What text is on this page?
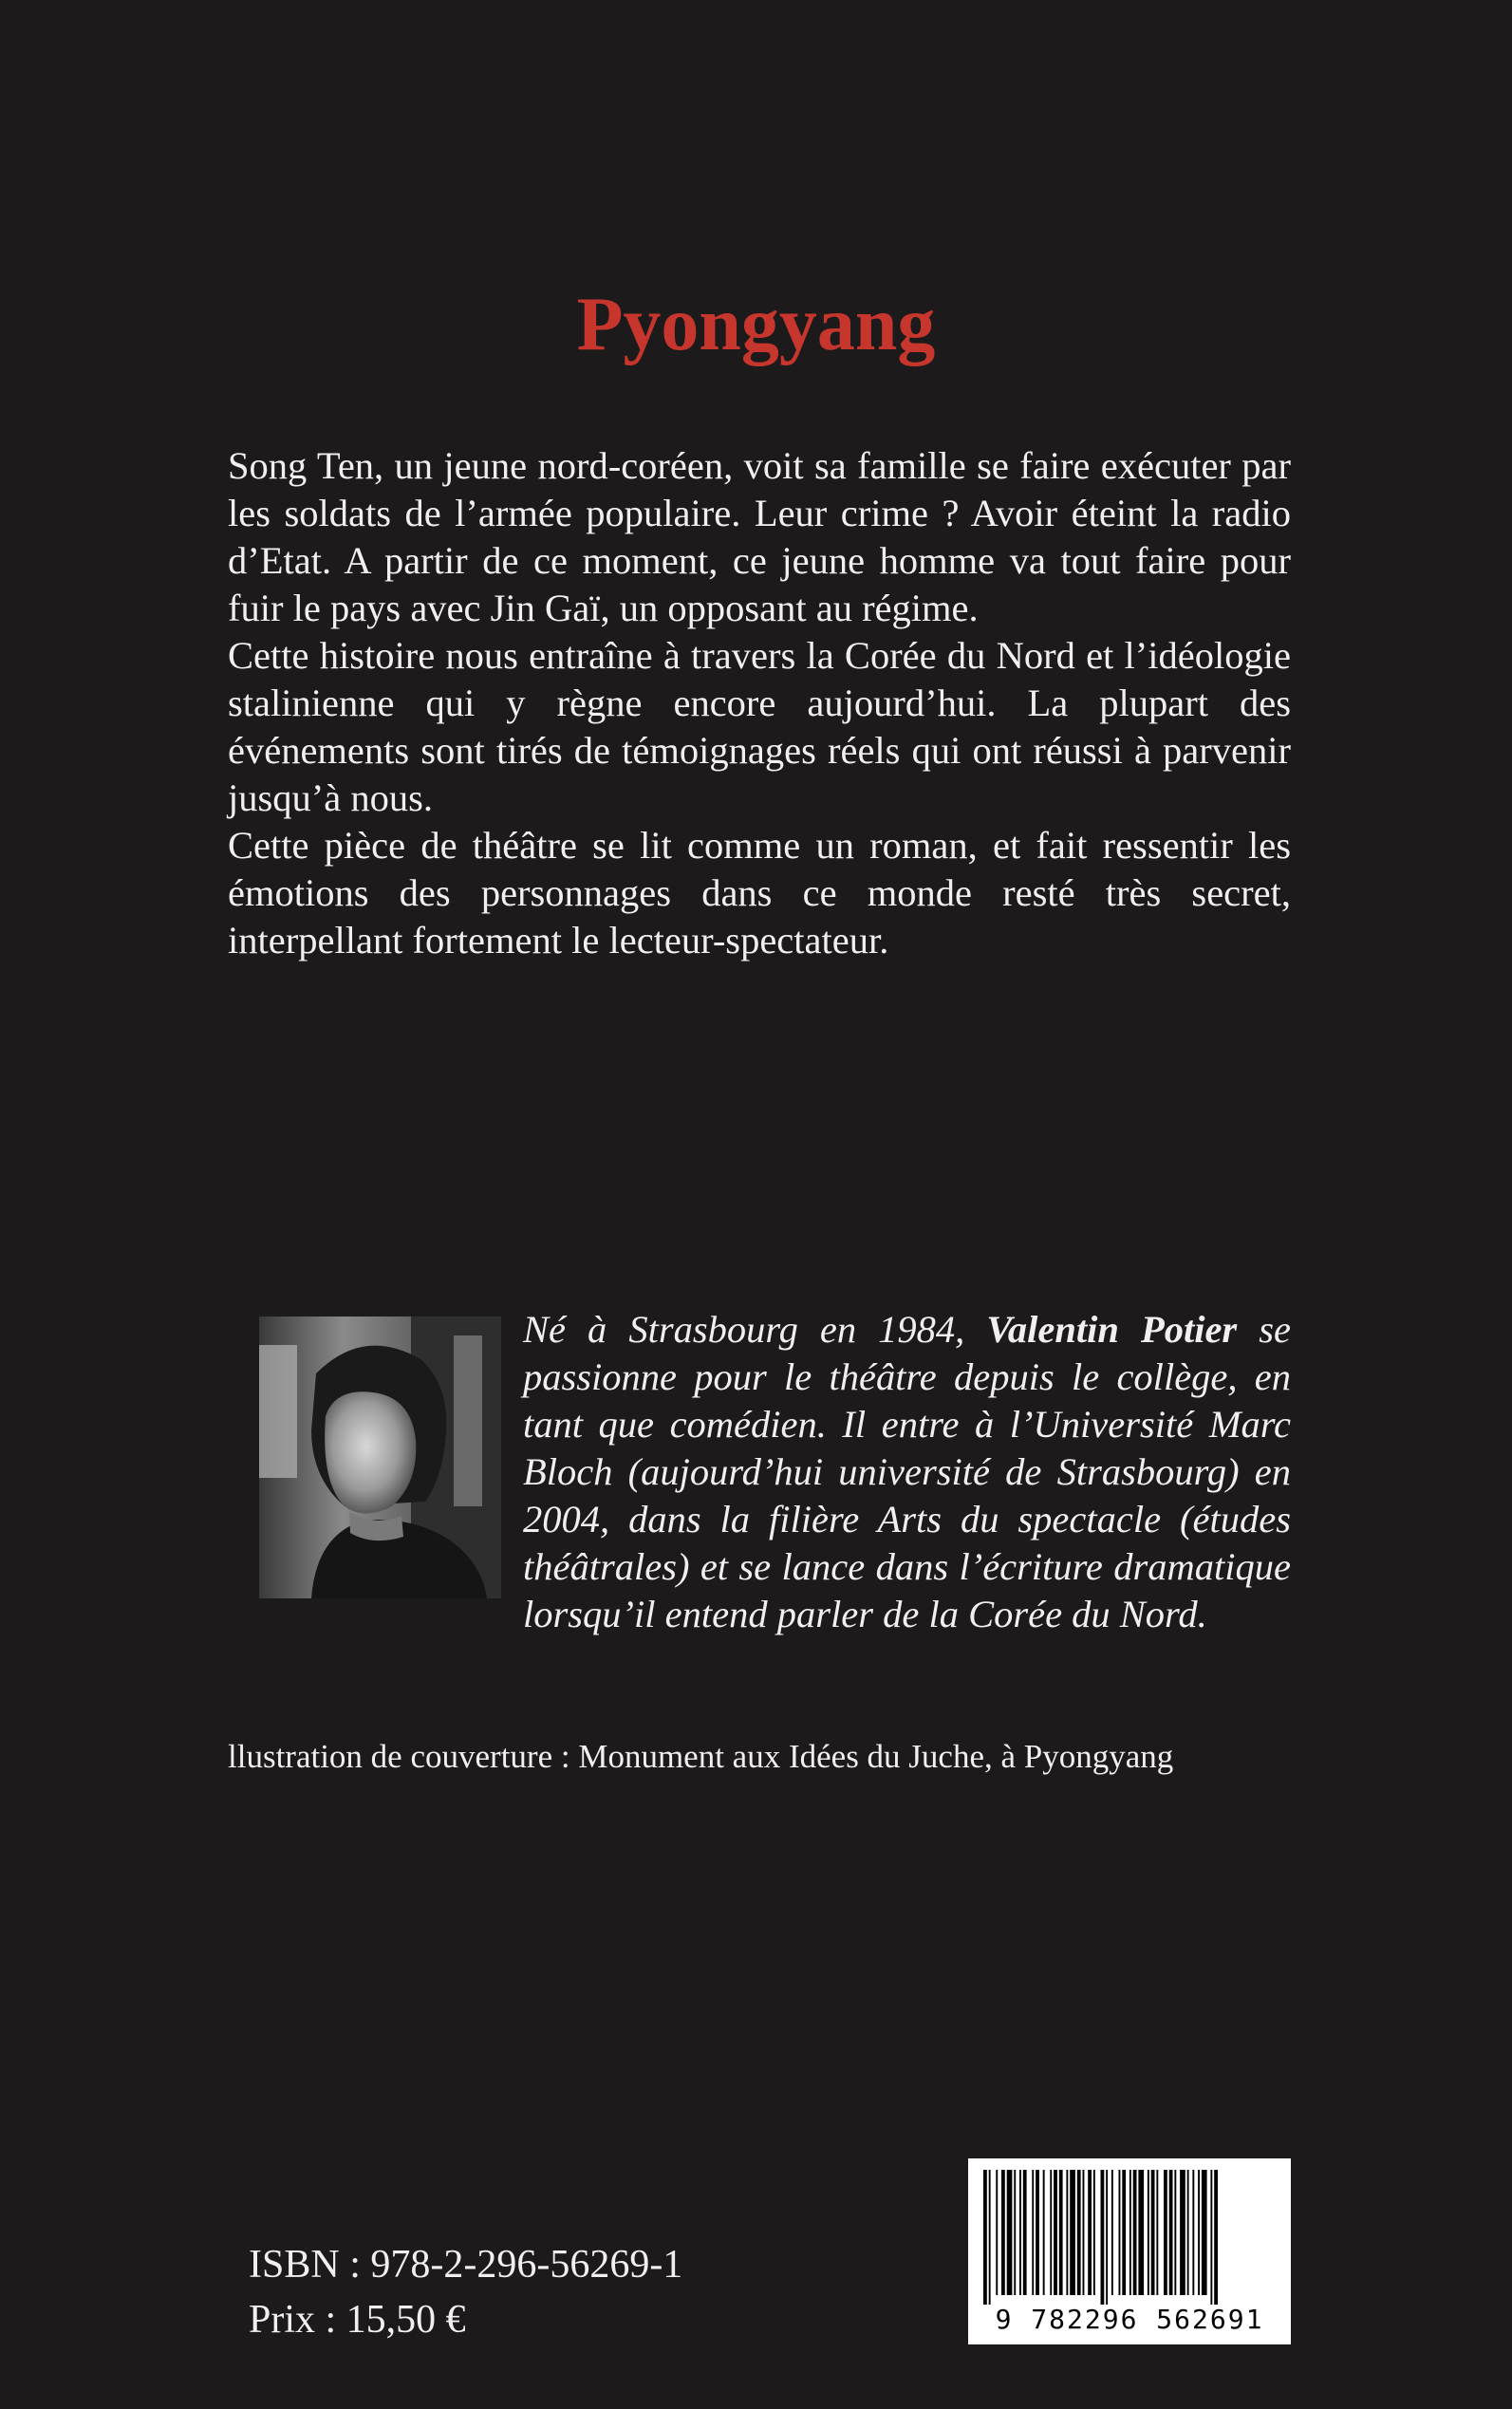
Pyongyang

Song Ten, un jeune nord-coréen, voit sa famille se faire exécuter par les soldats de l’armée populaire. Leur crime ? Avoir éteint la radio d’Etat. A partir de ce moment, ce jeune homme va tout faire pour fuir le pays avec Jin Gaï, un opposant au régime.

Cette histoire nous entraîne à travers la Corée du Nord et l’idéologie stalinienne qui y règne encore aujourd’hui. La plupart des événements sont tirés de témoignages réels qui ont réussi à parvenir jusqu’à nous.

Cette pièce de théâtre se lit comme un roman, et fait ressentir les émotions des personnages dans ce monde resté très secret, interpellant fortement le lecteur-spectateur.

Né à Strasbourg en 1984, Valentin Potier se passionne pour le théâtre depuis le collège, en tant que comédien. Il entre à l’Université Marc Bloch (aujourd’hui université de Strasbourg) en 2004, dans la filière Arts du spectacle (études théâtrales) et se lance dans l’écriture dramatique lorsqu’il entend parler de la Corée du Nord.

llustration de couverture : Monument aux Idées du Juche, à Pyongyang

ISBN : 978-2-296-56269-1

Prix : 15,50 €	9 782296 562691
